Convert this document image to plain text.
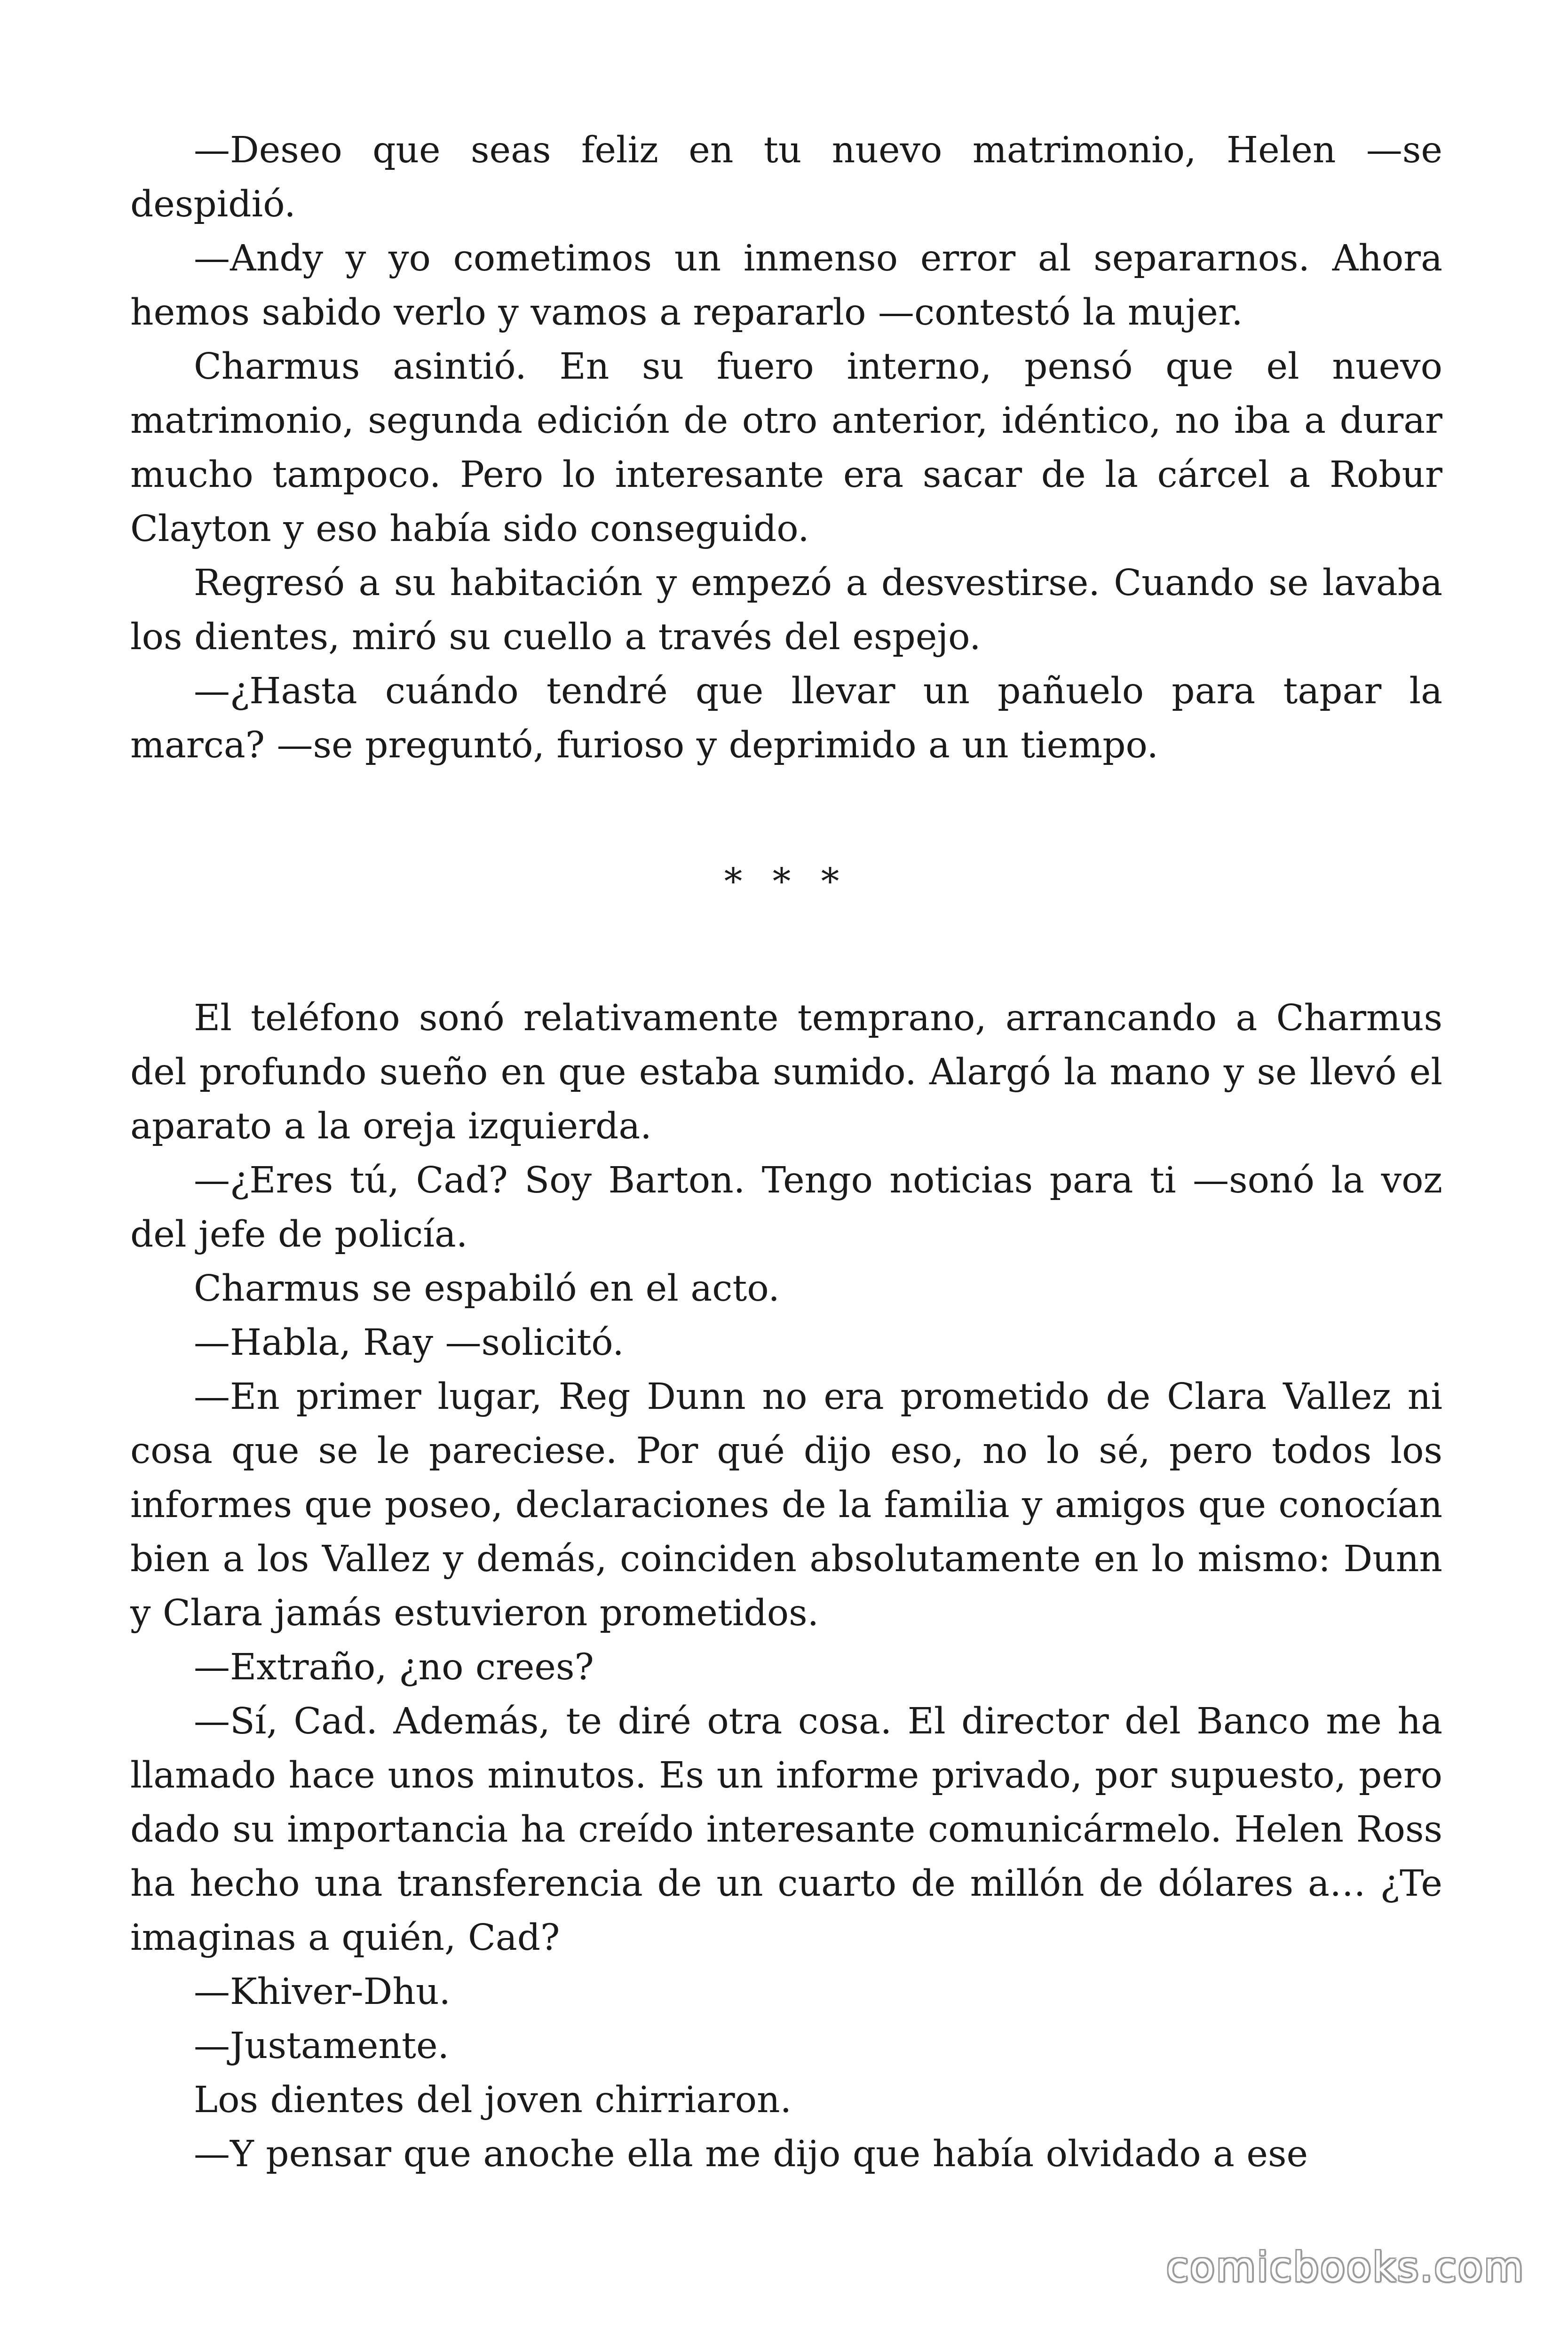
—Deseo que seas feliz en tu nuevo matrimonio, Helen —se despidió.

—Andy y yo cometimos un inmenso error al separarnos. Ahora hemos sabido verlo y vamos a repararlo —contestó la mujer.

Charmus asintió. En su fuero interno, pensó que el nuevo matrimonio, segunda edición de otro anterior, idéntico, no iba a durar mucho tampoco. Pero lo interesante era sacar de la cárcel a Robur Clayton y eso había sido conseguido.

Regresó a su habitación y empezó a desvestirse. Cuando se lavaba los dientes, miró su cuello a través del espejo.

—¿Hasta cuándo tendré que llevar un pañuelo para tapar la marca? —se preguntó, furioso y deprimido a un tiempo.

* * *

El teléfono sonó relativamente temprano, arrancando a Charmus del profundo sueño en que estaba sumido. Alargó la mano y se llevó el aparato a la oreja izquierda.

—¿Eres tú, Cad? Soy Barton. Tengo noticias para ti —sonó la voz del jefe de policía.

Charmus se espabiló en el acto.

—Habla, Ray —solicitó.

—En primer lugar, Reg Dunn no era prometido de Clara Vallez ni cosa que se le pareciese. Por qué dijo eso, no lo sé, pero todos los informes que poseo, declaraciones de la familia y amigos que conocían bien a los Vallez y demás, coinciden absolutamente en lo mismo: Dunn y Clara jamás estuvieron prometidos.

—Extraño, ¿no crees?

—Sí, Cad. Además, te diré otra cosa. El director del Banco me ha llamado hace unos minutos. Es un informe privado, por supuesto, pero dado su importancia ha creído interesante comunicármelo. Helen Ross ha hecho una transferencia de un cuarto de millón de dólares a… ¿Te imaginas a quién, Cad?

—Khiver-Dhu.

—Justamente.

Los dientes del joven chirriaron.

—Y pensar que anoche ella me dijo que había olvidado a ese

comicbooks.com
